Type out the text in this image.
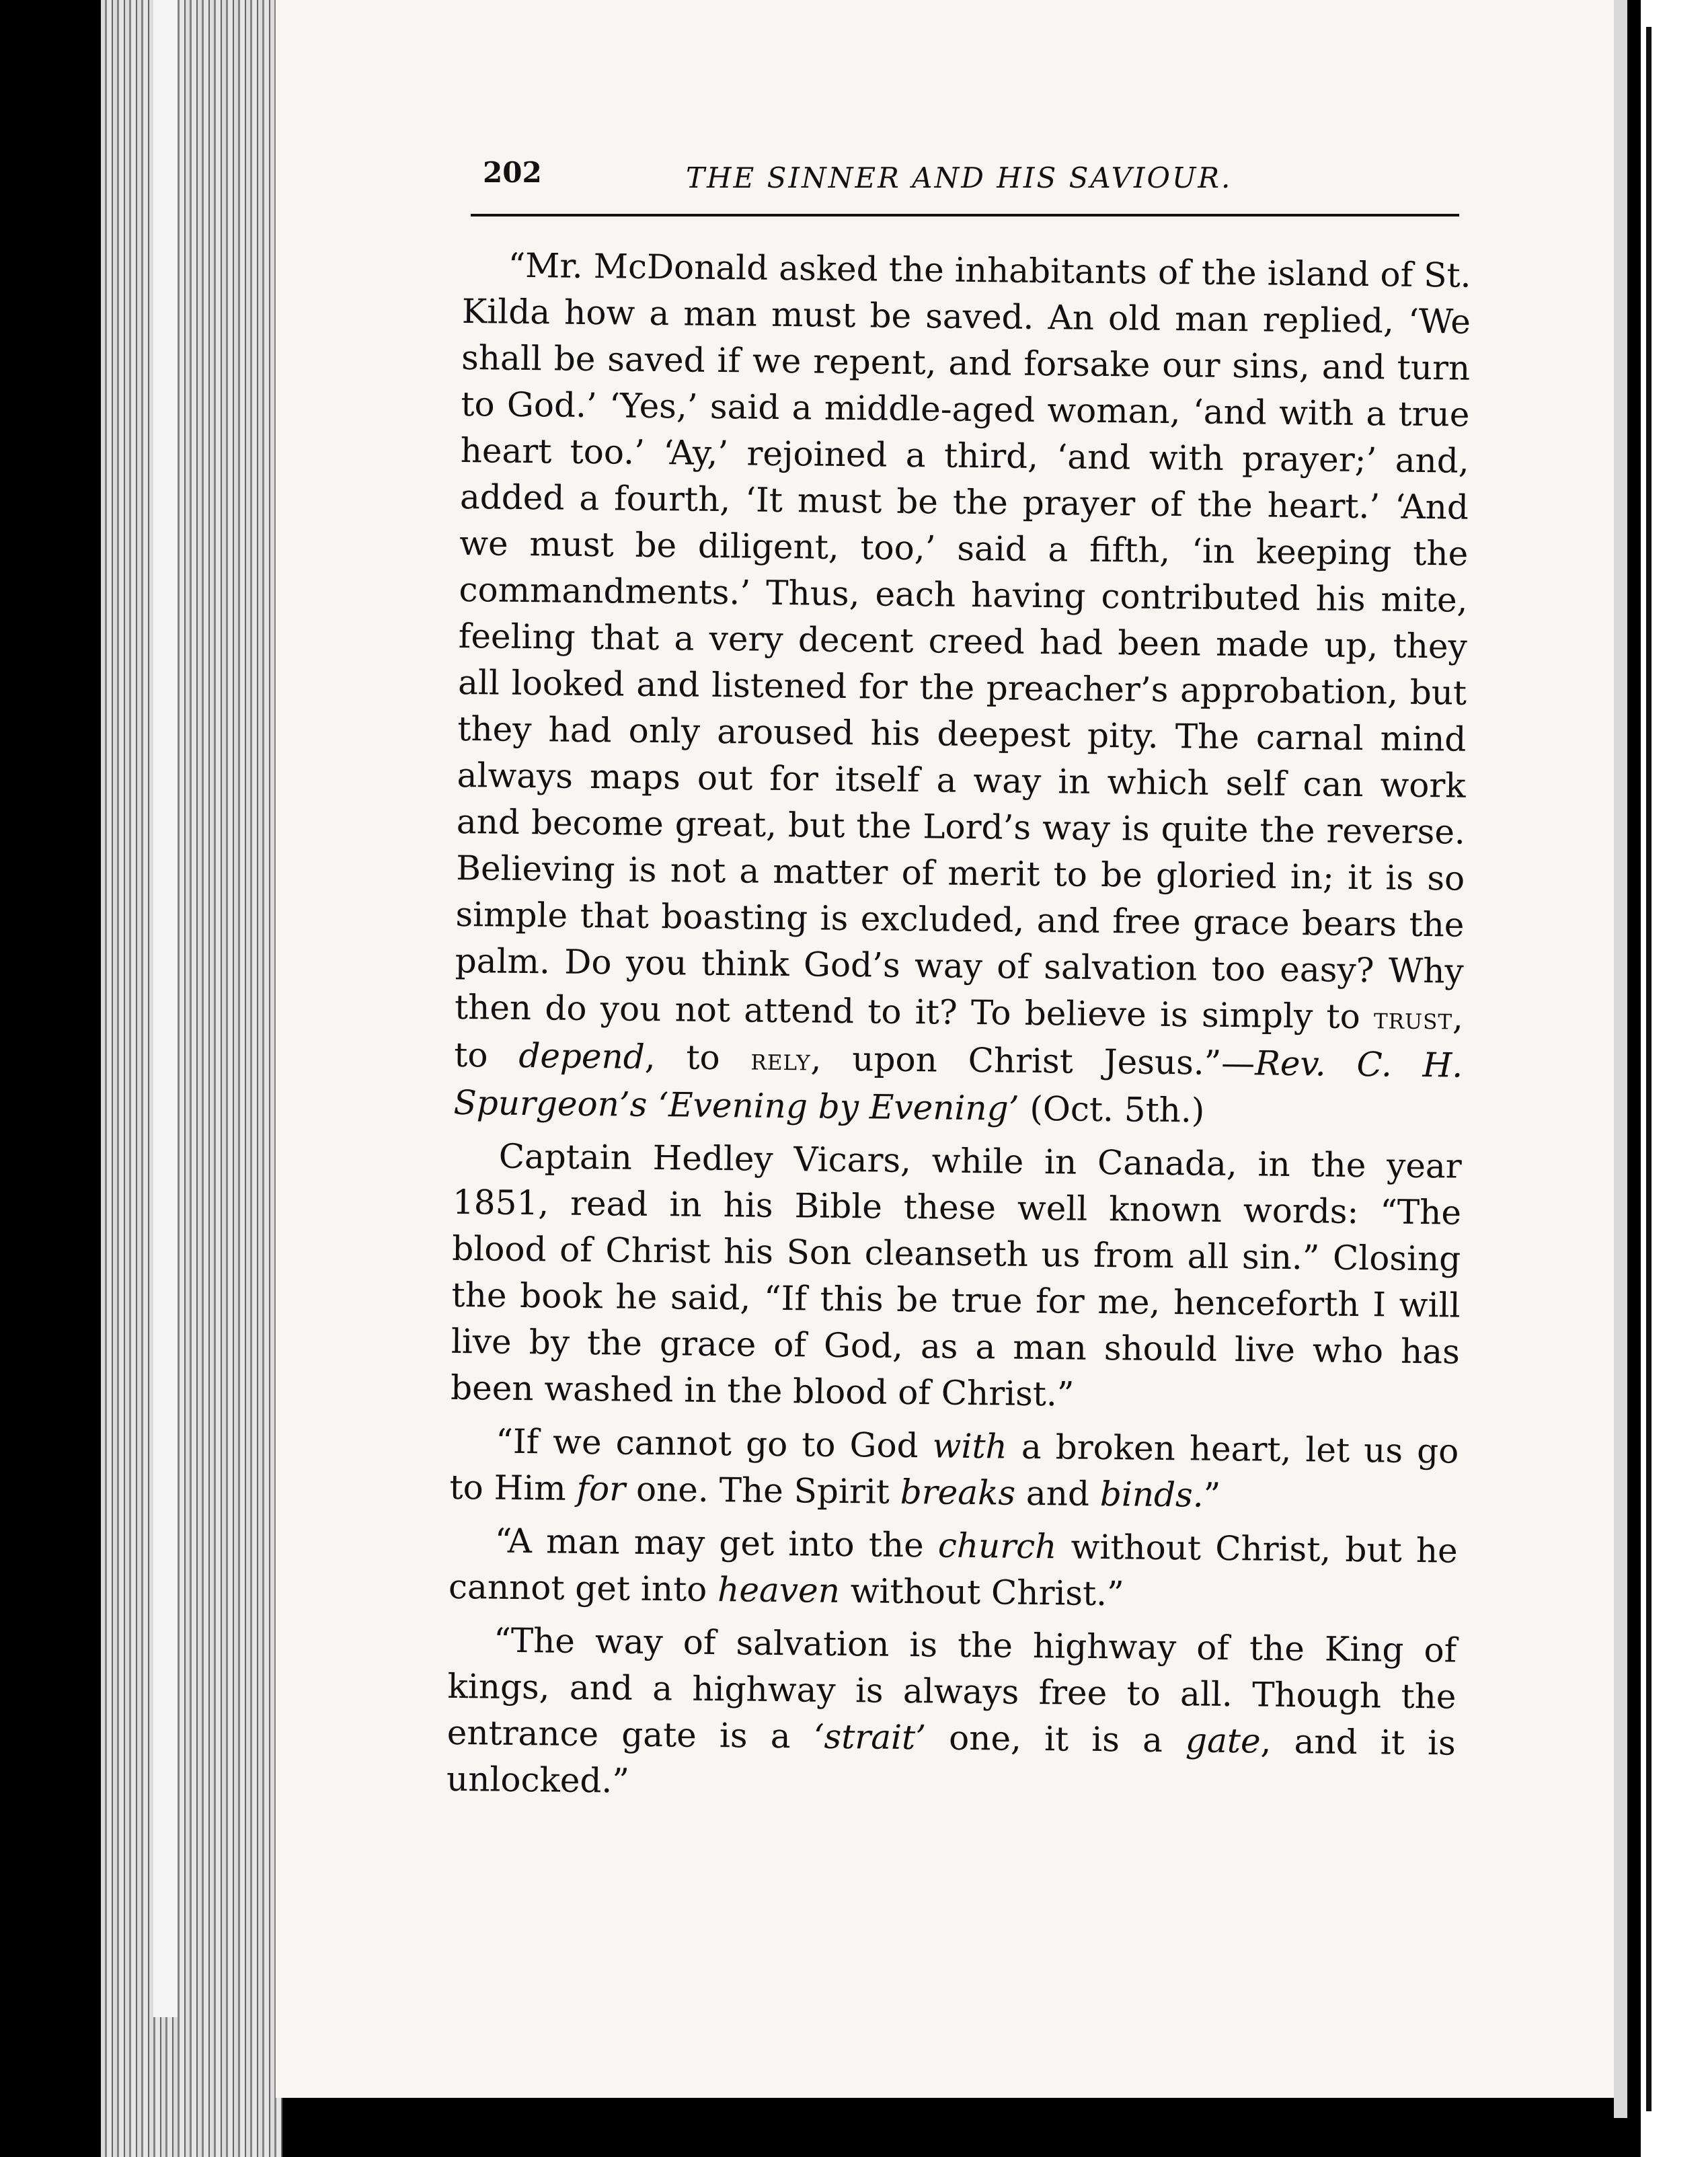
202	THE SINNER AND HIS SAVIOUR.

“Mr. McDonald asked the inhabitants of the island of St. Kilda how a man must be saved. An old man replied, ‘We shall be saved if we repent, and forsake our sins, and turn to God.’ ‘Yes,’ said a middle-aged woman, ‘and with a true heart too.’ ‘Ay,’ rejoined a third, ‘and with prayer;’ and, added a fourth, ‘It must be the prayer of the heart.’ ‘And we must be diligent, too,’ said a fifth, ‘in keeping the commandments.’ Thus, each having contributed his mite, feeling that a very decent creed had been made up, they all looked and listened for the preacher’s approbation, but they had only aroused his deepest pity. The carnal mind always maps out for itself a way in which self can work and become great, but the Lord’s way is quite the reverse. Believing is not a matter of merit to be gloried in; it is so simple that boasting is excluded, and free grace bears the palm. Do you think God’s way of salvation too easy? Why then do you not attend to it? To believe is simply to trust, to depend, to rely, upon Christ Jesus.”—Rev. C. H. Spurgeon’s ‘Evening by Evening’ (Oct. 5th.)

Captain Hedley Vicars, while in Canada, in the year 1851, read in his Bible these well known words: “The blood of Christ his Son cleanseth us from all sin.” Closing the book he said, “If this be true for me, henceforth I will live by the grace of God, as a man should live who has been washed in the blood of Christ.”

“If we cannot go to God with a broken heart, let us go to Him for one. The Spirit breaks and binds.”

“A man may get into the church without Christ, but he cannot get into heaven without Christ.”

“The way of salvation is the highway of the King of kings, and a highway is always free to all. Though the entrance gate is a ‘strait’ one, it is a gate, and it is unlocked.”
